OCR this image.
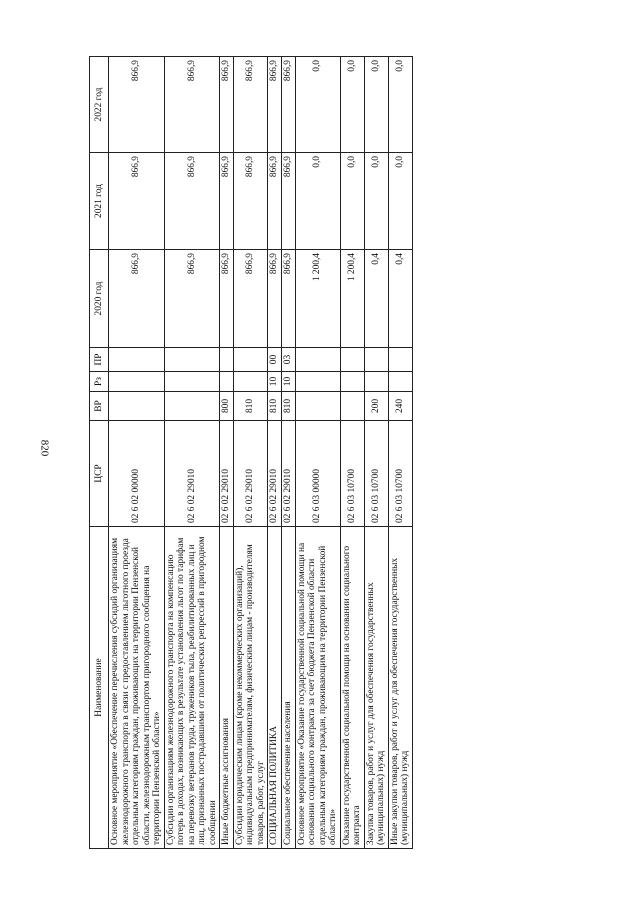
820
Наименование	ЦСР	ВР	Рз	ПР	2020 год	2021 год	2022 год
Основное мероприятие «Обеспечение перечисления субсидий организациям железнодорожного транспорта в связи с предоставлением льготного проезда отдельным категориям граждан, проживающих на территории Пензенской области, железнодорожным транспортом пригородного сообщения на территории Пензенской области»	02 6 02 00000				866,9	866,9	866,9
Субсидии организациям железнодорожного транспорта на компенсацию потерь в доходах, возникающих в результате установления льгот по тарифам на перевозку ветеранов труда, тружеников тыла, реабилитированных лиц и лиц, признанных пострадавшими от политических репрессий в пригородном сообщении	02 6 02 29010				866,9	866,9	866,9
Иные бюджетные ассигнования	02 6 02 29010	800			866,9	866,9	866,9
Субсидии юридическим лицам (кроме некоммерческих организаций), индивидуальным предпринимателям, физическим лицам - производителям товаров, работ, услуг	02 6 02 29010	810			866,9	866,9	866,9
СОЦИАЛЬНАЯ ПОЛИТИКА	02 6 02 29010	810	10	00	866,9	866,9	866,9
Социальное обеспечение населения	02 6 02 29010	810	10	03	866,9	866,9	866,9
Основное мероприятие «Оказание государственной социальной помощи на основании социального контракта за счет бюджета Пензенской области отдельным категориям граждан, проживающим на территории Пензенской области»	02 6 03 00000				1 200,4	0,0	0,0
Оказание государственной социальной помощи на основании социального контракта	02 6 03 10700				1 200,4	0,0	0,0
Закупка товаров, работ и услуг для обеспечения государственных (муниципальных) нужд	02 6 03 10700	200			0,4	0,0	0,0
Иные закупки товаров, работ и услуг для обеспечения государственных (муниципальных) нужд	02 6 03 10700	240			0,4	0,0	0,0
